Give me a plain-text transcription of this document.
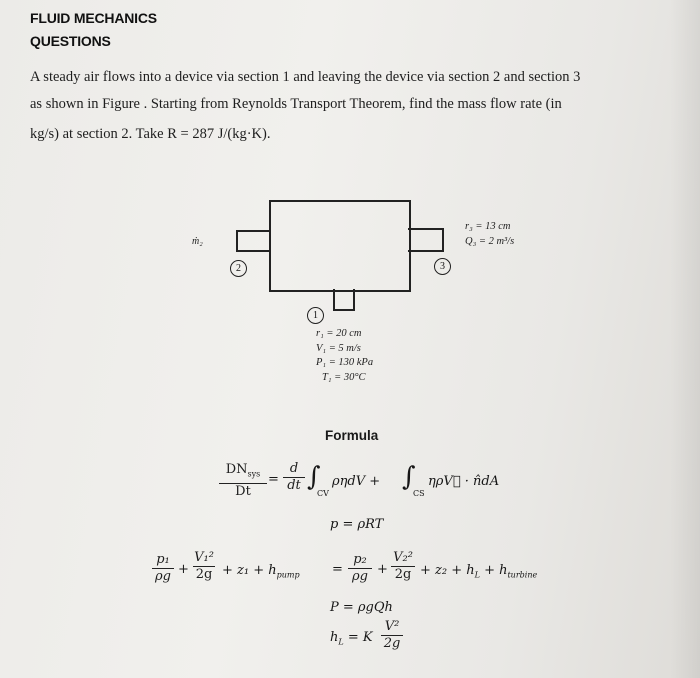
FLUID MECHANICS
QUESTIONS
A steady air flows into a device via section 1 and leaving the device via section 2 and section 3
as shown in Figure . Starting from Reynolds Transport Theorem, find the mass flow rate (in
kg/s) at section 2. Take R = 287 J/(kg·K).
2	3
1
ṁ₂
r₃ = 13 cm
Q₃ = 2 m³/s
r₁ = 20 cm
V₁ = 5 m/s
P₁ = 130 kPa
T₁ = 30°C
Formula
$DN_{sys}$
Dt
=
d
dt ∫
CV
ρηd𝑉 + ∫
CS
ηρV⃗ · n̂dA
p = ρRT
p₁
ρg +
V₁²
$2g + z_1 + h_{pump}$ =
p₂
ρg +
V₂²
$2g + z_2 + h_L + h_{turbine}$
P = ρgQh
$h_L = K$
V²
2g
